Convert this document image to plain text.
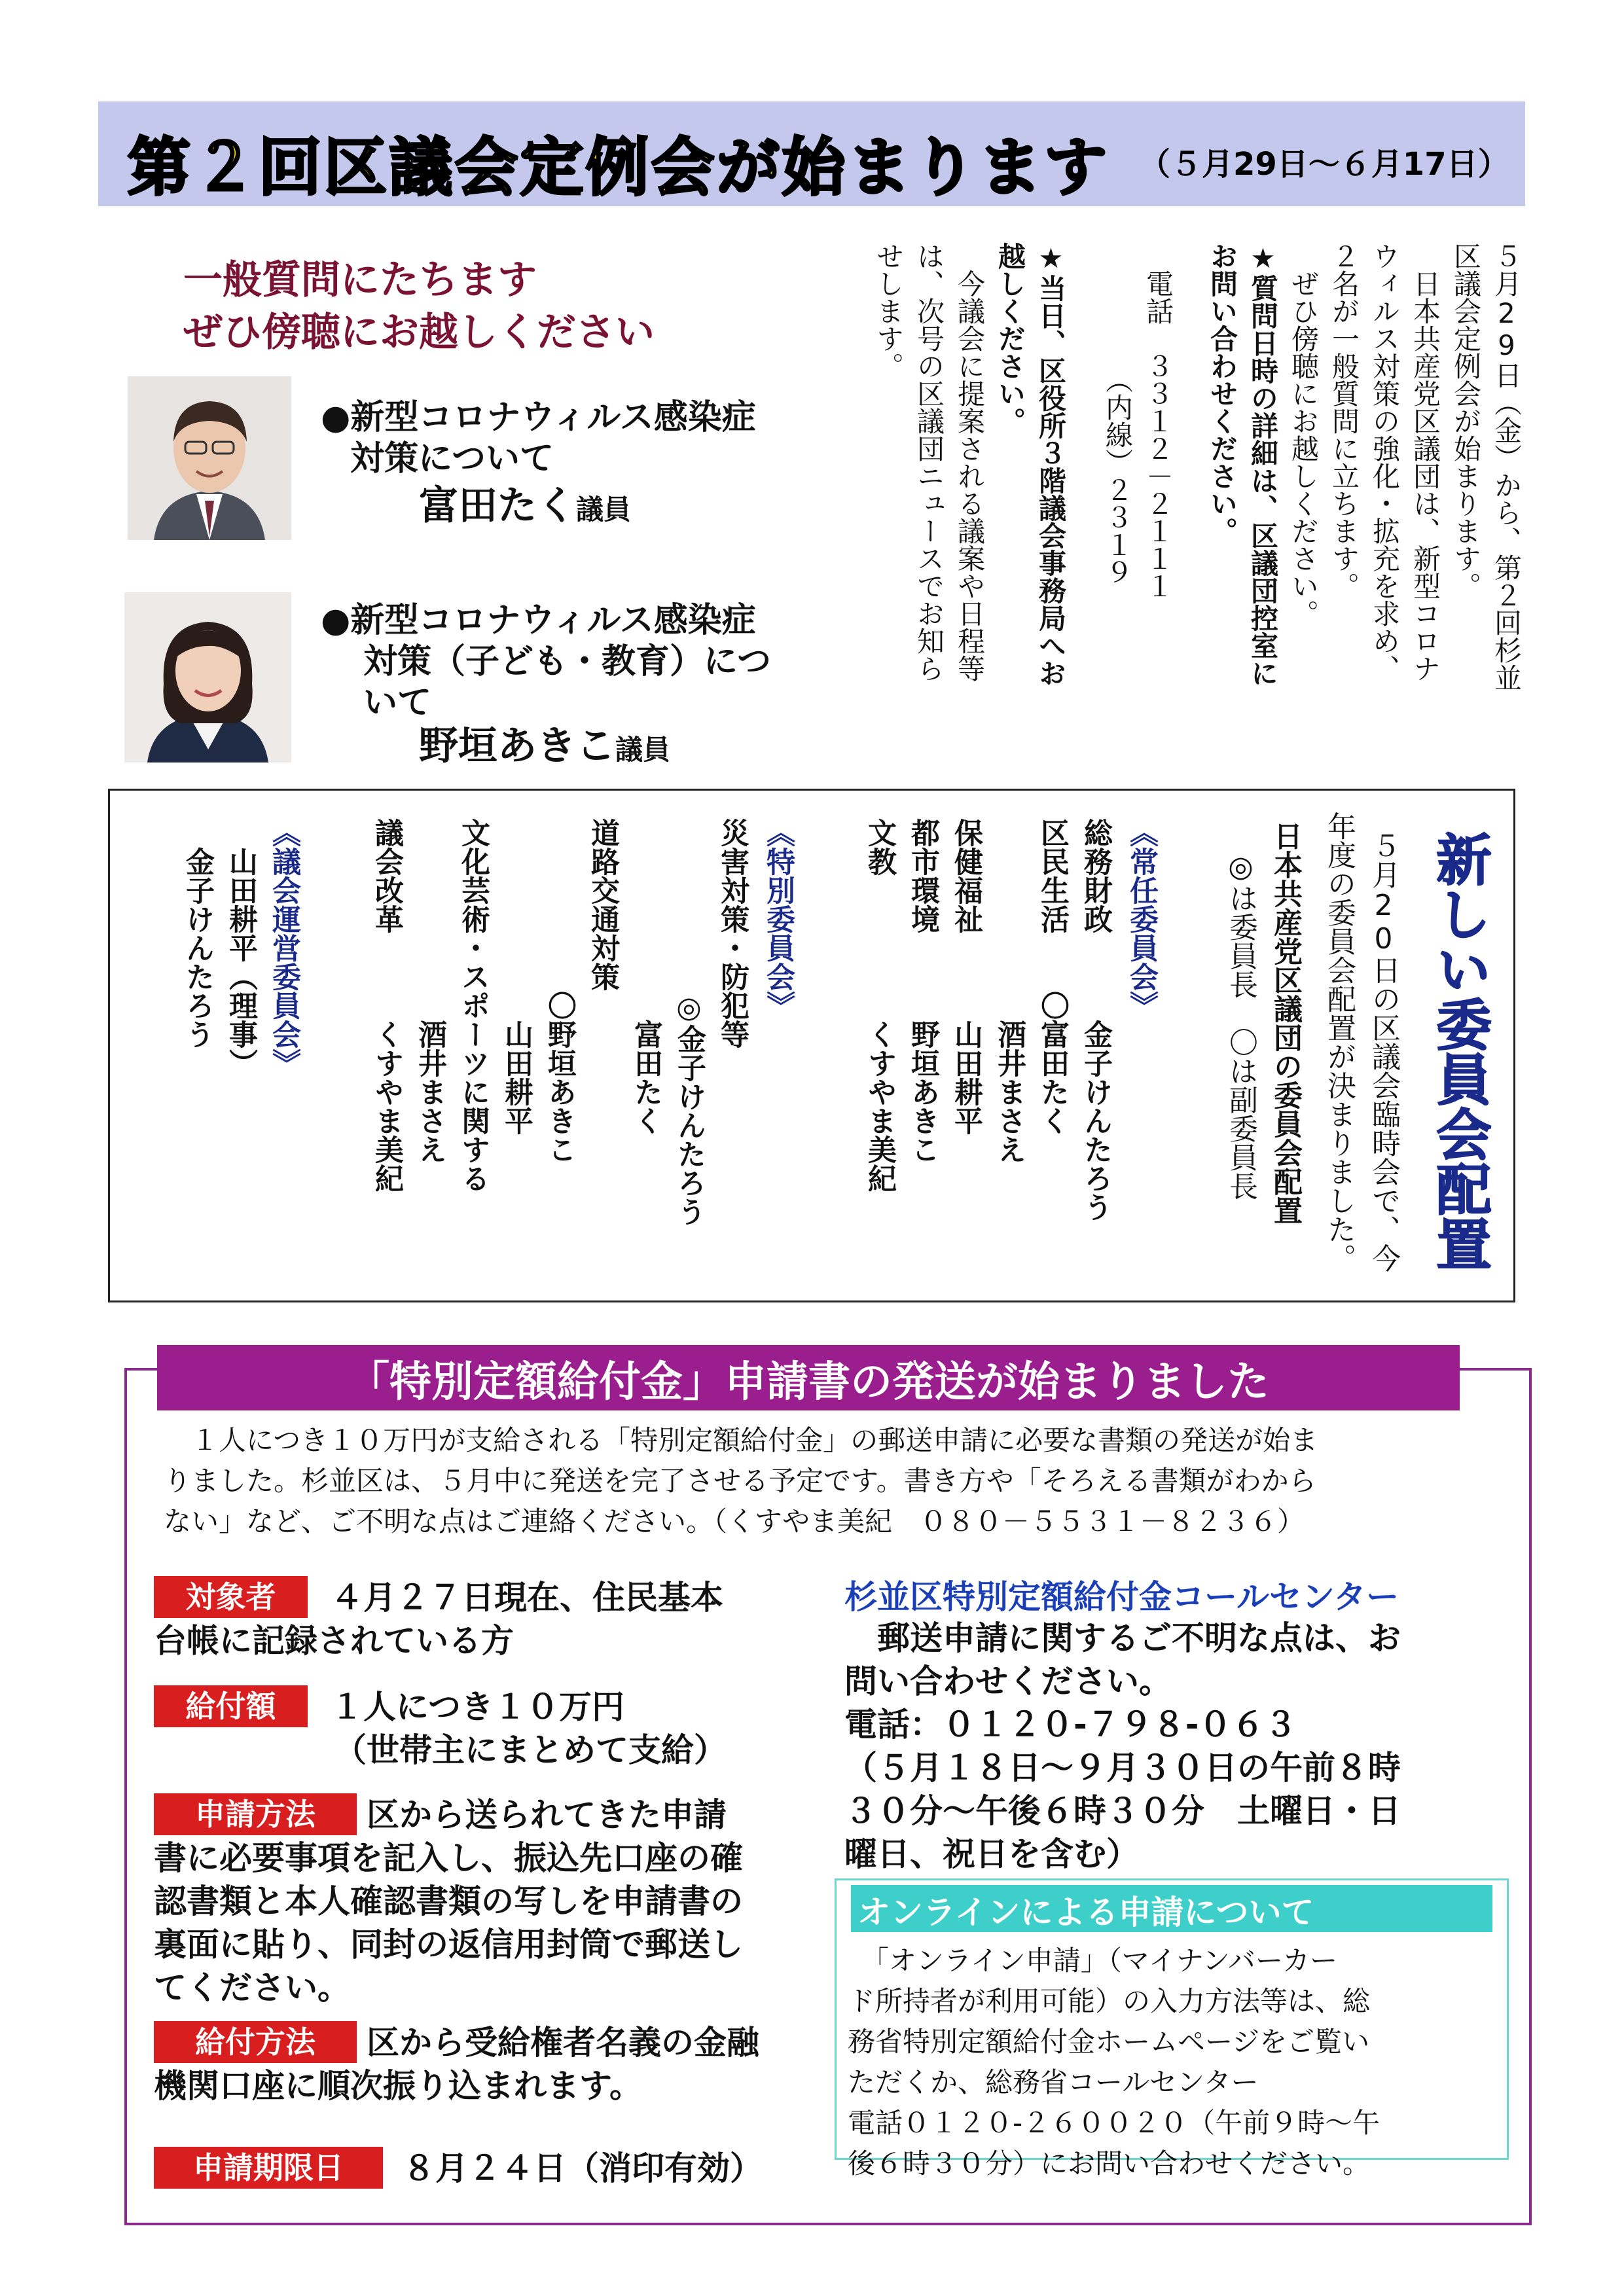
第２回区議会定例会が始まります （５月29日～６月17日）
一般質問にたちます
ぜひ傍聴にお越しください
●新型コロナウィルス感染症
対策について
富田たく議員
●新型コロナウィルス感染症
対策（子ども・教育）につ
いて
野垣あきこ議員
５月29日（金）から、第２回杉並
区議会定例会が始まります。
　日本共産党区議団は、新型コロナ
ウィルス対策の強化・拡充を求め、
２名が一般質問に立ちます。
　ぜひ傍聴にお越しください。
★質問日時の詳細は、区議団控室に
お問い合わせください。
　電話　３３１２－２１１１
　　　　　（内線）２３１９
★当日、区役所３階議会事務局へお
越しください。
　今議会に提案される議案や日程等
は、次号の区議団ニュースでお知ら
せします。
新しい委員会配置
５月20日の区議会臨時会で、今
年度の委員会配置が決まりました。
日本共産党区議団の委員会配置
　◎は委員長　〇は副委員長
《常任委員会》
総務財政　　　金子けんたろう
区民生活　　〇富田たく
　　　　　　　酒井まさえ
保健福祉　　　山田耕平
都市環境　　　野垣あきこ
文教　　　　　くすやま美紀
《特別委員会》
災害対策・防犯等
　　　　　　◎金子けんたろう
　　　　　　　富田たく
道路交通対策
　　　　　　〇野垣あきこ
　　　　　　　山田耕平
文化芸術・スポーツに関する
　　　　　　　酒井まさえ
議会改革　　　くすやま美紀
《議会運営委員会》
　山田耕平（理事）
　金子けんたろう
「特別定額給付金」申請書の発送が始まりました
　１人につき１０万円が支給される「特別定額給付金」の郵送申請に必要な書類の発送が始ま
りました。杉並区は、５月中に発送を完了させる予定です。書き方や「そろえる書類がわから
ない」など、ご不明な点はご連絡ください。（くすやま美紀　０８０－５５３１－８２３６）
対象者	４月２７日現在、住民基本
台帳に記録されている方
給付額	１人につき１０万円
（世帯主にまとめて支給）
申請方法	区から送られてきた申請
書に必要事項を記入し、振込先口座の確
認書類と本人確認書類の写しを申請書の
裏面に貼り、同封の返信用封筒で郵送し
てください。
給付方法	区から受給権者名義の金融
機関口座に順次振り込まれます。
申請期限日	８月２４日（消印有効）
杉並区特別定額給付金コールセンター
　郵送申請に関するご不明な点は、お
問い合わせください。
電話：０１２０-７９８-０６３
（５月１８日～９月３０日の午前８時
３０分～午後６時３０分　土曜日・日
曜日、祝日を含む）
オンラインによる申請について
　「オンライン申請」（マイナンバーカー
ド所持者が利用可能）の入力方法等は、総
務省特別定額給付金ホームページをご覧い
ただくか、総務省コールセンター
電話０１２０-２６００２０（午前９時～午
後６時３０分）にお問い合わせください。
